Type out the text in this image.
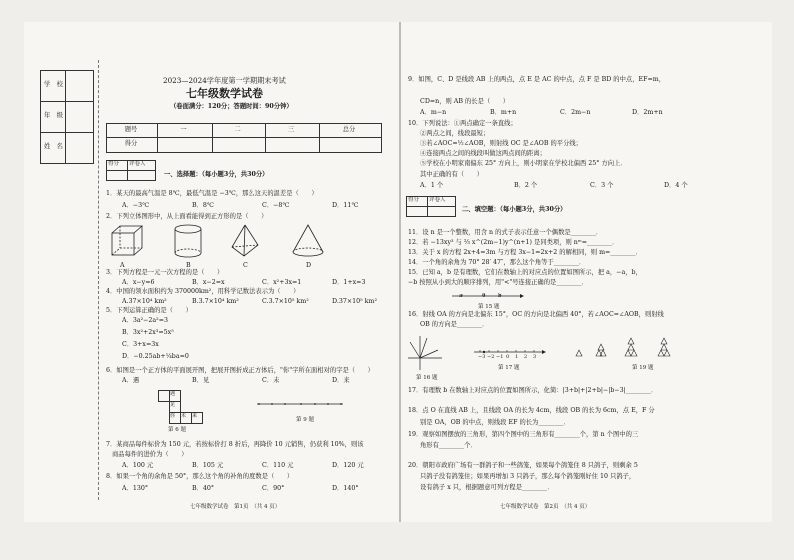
学　校
年　级
姓　名
2023—2024学年度第一学期期末考试
七年级数学试卷
（卷面满分：120分；答题时间：90分钟）
题号	一	二	三	总分
得分
得分 评卷人
一、选择题：（每小题3分，共30分）
1．某天的最高气温是 8℃，最低气温是 −3℃，那么这天的温差是（　　）
A．−3℃	B．8℃	C．−8℃	D．11℃
2．下列立体图形中，从上面看能得到正方形的是（　　）
A	B	C	D
3．下列方程是一元一次方程的是（　　）
A．x−y=6	B．x−2=x	C．x²+3x=1	D．1+x=3
4．中国的领水面积约为 370000km²，用科学记数法表示为（　　）
A.37×10⁴ km²	B.3.7×10⁴ km²	C.3.7×10⁵ km²	D.37×10⁵ km²
5．下列运算正确的是（　　）
A．3a²−2a²=3
B．3x²+2x³=5x⁵
C．3+x=3x
D．−0.25ab+¼ba=0
6．如图是一个正方体的平面展开图，把展开图折成正方体后，"你"字所在面相对的字是（　　）
A．遇	B．见	C．未	D．来
遇
见
你 未 来
第 6 题
第 9 题
7．某商品每件标价为 150 元，若按标价打 8 折后，再降价 10 元销售，仍获利 10%，则该
商品每件的进价为（　　）
A．100 元	B．105 元	C．110 元	D．120 元
8．如果一个角的余角是 50°，那么这个角的补角的度数是（　　）
A．130°	B．40°	C．90°	D．140°
七年级数学试卷　第1页　（共 4 页）
9．如图，C、D 是线段 AB 上的两点，点 E 是 AC 的中点，点 F 是 BD 的中点，EF=m，
CD=n，则 AB 的长是（　　）
A．m−n	B．m+n	C．2m−n	D．2m+n
10．下列说法：①两点确定一条直线；
②两点之间，线段最短；
③若∠AOC=½∠AOB，则射线 OC 是∠AOB 的平分线；
④连接两点之间的线段叫做这两点间的距离；
⑤学校在小明家南偏东 25° 方向上，则小明家在学校北偏西 25° 方向上．
其中正确的有（　　）
A．1 个	B．2 个	C．3 个	D．4 个
得分 评卷人
二、填空题：（每小题3分，共30分）
11．设 n 是一个整数，用含 n 的式子表示任意一个偶数是________．
12．若 −13xy³ 与 ⅔ x^(2m−1)y^(n+1) 是同类项，则 nᵐ=________．
13．关于 x 的方程 2x+4=3m 与方程 3x−1=2x+2 的解相同，则 m=________．
14．一个角的余角为 70° 28′ 47″，那么这个角等于________．
15．已知 a，b 是有理数，它们在数轴上的对应点的位置如图所示，把 a，−a，b，
−b 按照从小到大的顺序排列，用"<"号连接正确的是________．
a	0 b
第 15 题
16．射线 OA 的方向是北偏东 15°，OC 的方向是北偏西 40°，若∠AOC=∠AOB，则射线
OB 的方向是________．
第 16 题
−3 −2 −1 0 1 2 3
第 17 题	第 19 题
17．有理数 b 在数轴上对应点的位置如图所示，化简：|3+b|+|2+b|−|b−3|________．
18．点 O 在直线 AB 上，且线段 OA 的长为 4cm，线段 OB 的长为 6cm，点 E，F 分
别是 OA，OB 的中点，则线段 EF 的长为________．
19．观察如图摆放的三角形，第四个图中的三角形有________个，第 n 个图中的三
角形有________个．
20．朝阳市政府广场有一群鸽子和一些鸽笼，如果每个鸽笼住 8 只鸽子，则剩余 5
只鸽子没有鸽笼住；如果再增加 3 只鸽子，那么每个鸽笼刚好住 10 只鸽子，
设有鸽子 x 只，根据题意可列方程是________．
七年级数学试卷　第2页　（共 4 页）
